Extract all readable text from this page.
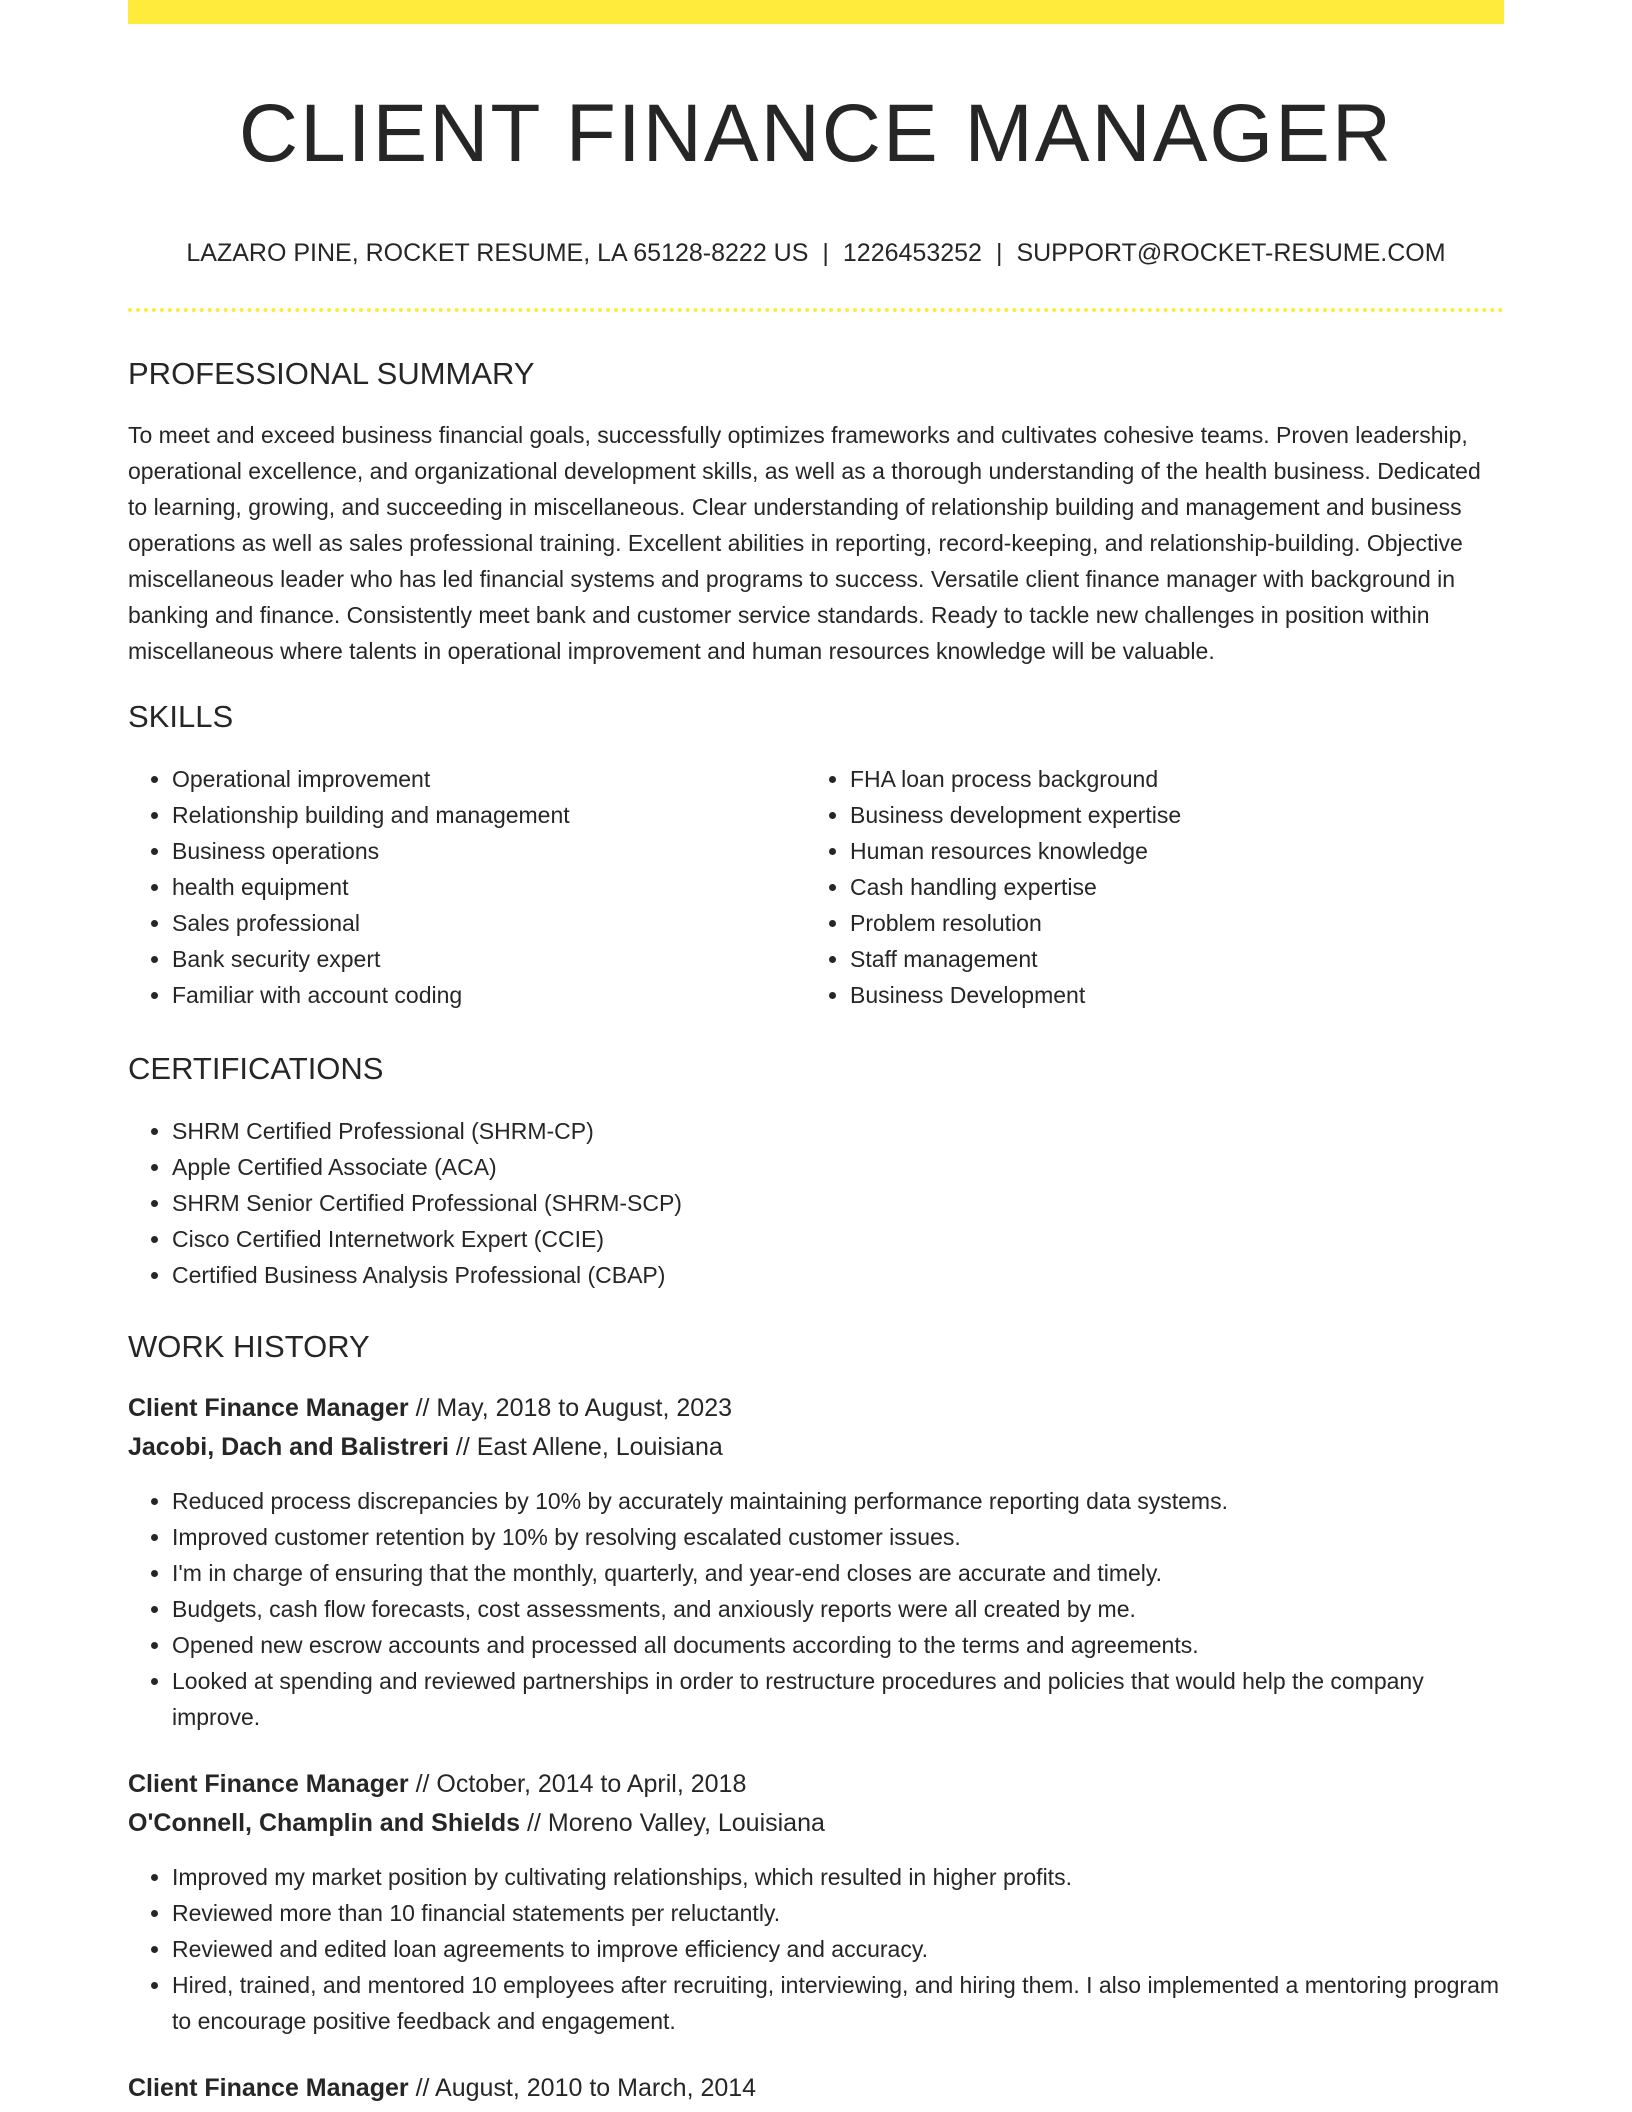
CLIENT FINANCE MANAGER
LAZARO PINE, ROCKET RESUME, LA 65128-8222 US | 1226453252 | SUPPORT@ROCKET-RESUME.COM
PROFESSIONAL SUMMARY

To meet and exceed business financial goals, successfully optimizes frameworks and cultivates cohesive teams. Proven leadership, operational excellence, and organizational development skills, as well as a thorough understanding of the health business. Dedicated to learning, growing, and succeeding in miscellaneous. Clear understanding of relationship building and management and business operations as well as sales professional training. Excellent abilities in reporting, record-keeping, and relationship-building. Objective miscellaneous leader who has led financial systems and programs to success. Versatile client finance manager with background in banking and finance. Consistently meet bank and customer service standards. Ready to tackle new challenges in position within miscellaneous where talents in operational improvement and human resources knowledge will be valuable.

SKILLS
• Operational improvement
• Relationship building and management
• Business operations
• health equipment
• Sales professional
• Bank security expert
• Familiar with account coding
• FHA loan process background
• Business development expertise
• Human resources knowledge
• Cash handling expertise
• Problem resolution
• Staff management
• Business Development
CERTIFICATIONS
• SHRM Certified Professional (SHRM-CP)
• Apple Certified Associate (ACA)
• SHRM Senior Certified Professional (SHRM-SCP)
• Cisco Certified Internetwork Expert (CCIE)
• Certified Business Analysis Professional (CBAP)
WORK HISTORY
Client Finance Manager // May, 2018 to August, 2023
Jacobi, Dach and Balistreri // East Allene, Louisiana
• Reduced process discrepancies by 10% by accurately maintaining performance reporting data systems.
• Improved customer retention by 10% by resolving escalated customer issues.
• I'm in charge of ensuring that the monthly, quarterly, and year-end closes are accurate and timely.
• Budgets, cash flow forecasts, cost assessments, and anxiously reports were all created by me.
• Opened new escrow accounts and processed all documents according to the terms and agreements.
• Looked at spending and reviewed partnerships in order to restructure procedures and policies that would help the company improve.
Client Finance Manager // October, 2014 to April, 2018
O'Connell, Champlin and Shields // Moreno Valley, Louisiana
• Improved my market position by cultivating relationships, which resulted in higher profits.
• Reviewed more than 10 financial statements per reluctantly.
• Reviewed and edited loan agreements to improve efficiency and accuracy.
• Hired, trained, and mentored 10 employees after recruiting, interviewing, and hiring them. I also implemented a mentoring program to encourage positive feedback and engagement.
Client Finance Manager // August, 2010 to March, 2014
